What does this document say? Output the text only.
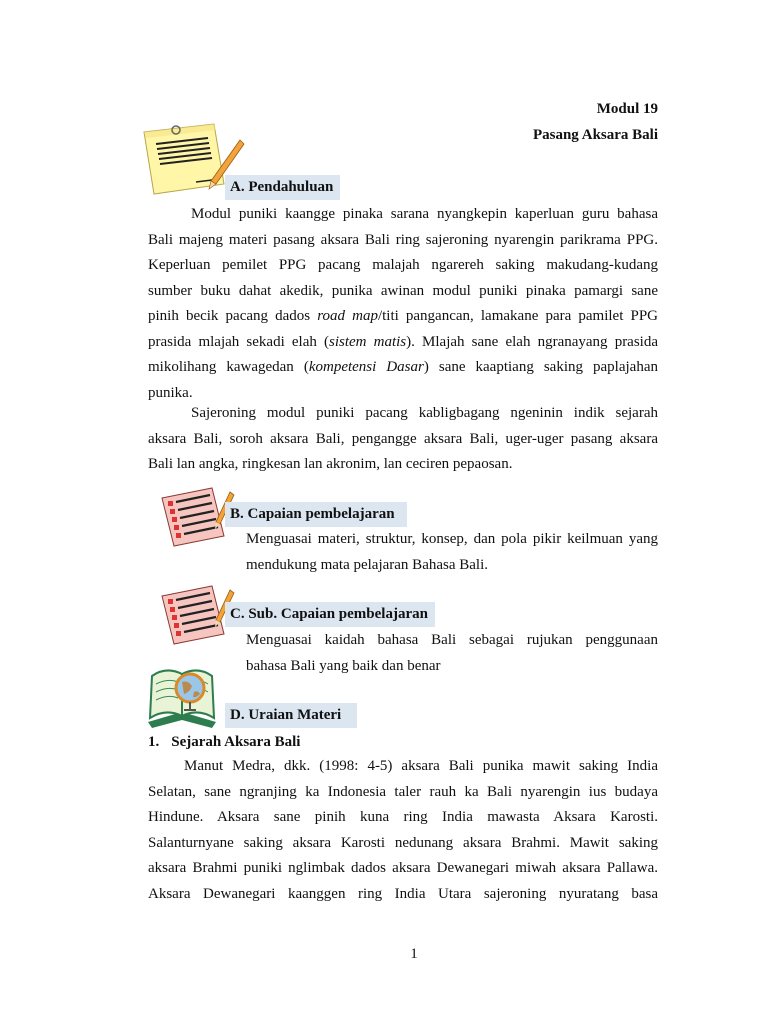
Modul 19
Pasang Aksara Bali
A. Pendahuluan
Modul puniki kaangge pinaka sarana nyangkepin kaperluan guru bahasa
Bali majeng materi pasang aksara Bali ring sajeroning nyarengin parikrama PPG.
Keperluan pemilet PPG pacang malajah ngarereh saking makudang-kudang
sumber buku dahat akedik, punika awinan modul puniki pinaka pamargi sane
pinih becik pacang dados road map/titi pangancan, lamakane para pamilet PPG
prasida mlajah sekadi elah (sistem matis). Mlajah sane elah ngranayang prasida
mikolihang kawagedan (kompetensi Dasar) sane kaaptiang saking paplajahan
punika.
Sajeroning modul puniki pacang kabligbagang ngeninin indik sejarah
aksara Bali, soroh aksara Bali, pengangge aksara Bali, uger-uger pasang aksara
Bali lan angka, ringkesan lan akronim, lan ceciren pepaosan.
B. Capaian pembelajaran
Menguasai materi, struktur, konsep, dan pola pikir keilmuan yang
mendukung mata pelajaran Bahasa Bali.
C. Sub. Capaian pembelajaran
Menguasai kaidah bahasa Bali sebagai rujukan penggunaan
bahasa Bali yang baik dan benar
D. Uraian Materi
1. Sejarah Aksara Bali
Manut Medra, dkk. (1998: 4-5) aksara Bali punika mawit saking India
Selatan, sane ngranjing ka Indonesia taler rauh ka Bali nyarengin ius budaya
Hindune. Aksara sane pinih kuna ring India mawasta Aksara Karosti.
Salanturnyane saking aksara Karosti nedunang aksara Brahmi. Mawit saking
aksara Brahmi puniki nglimbak dados aksara Dewanegari miwah aksara Pallawa.
Aksara Dewanegari kaanggen ring India Utara sajeroning nyuratang basa
1
